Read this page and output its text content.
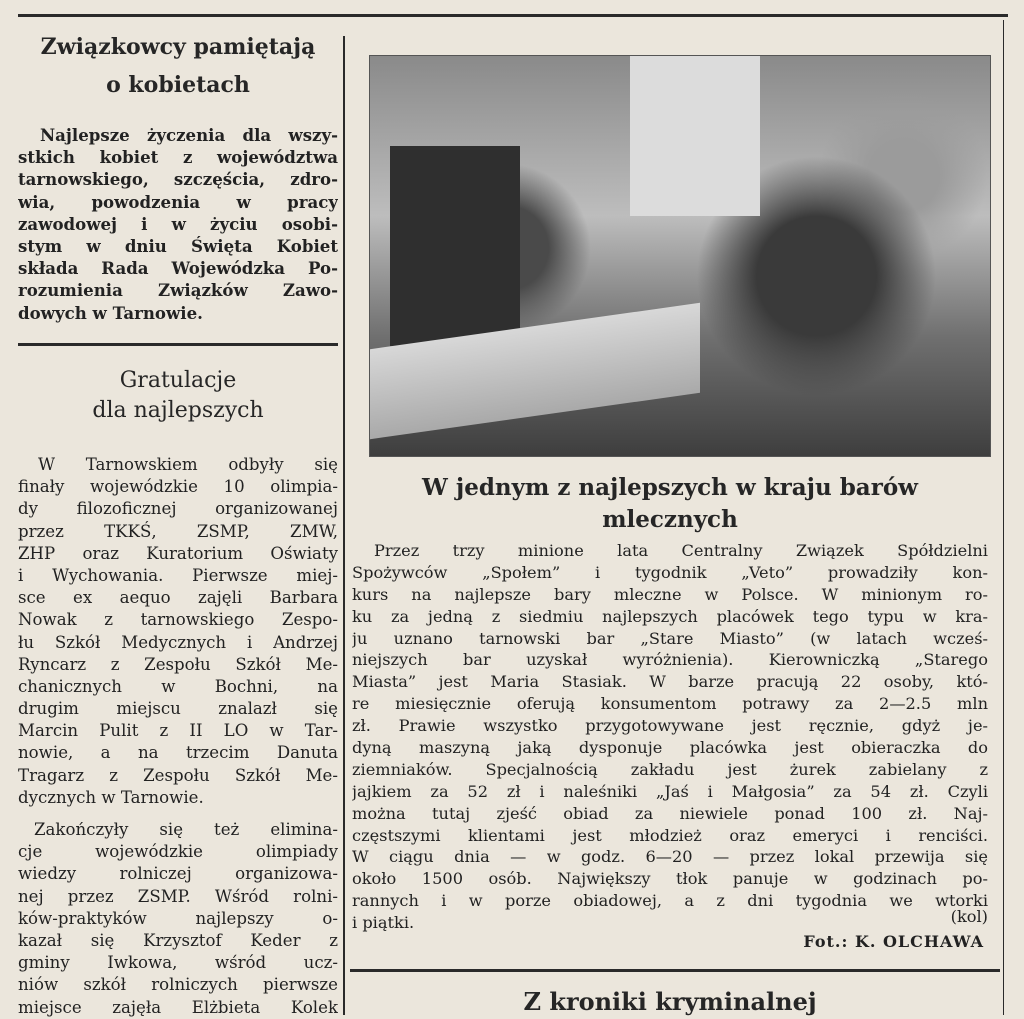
Związkowcy pamiętają
o kobietach
Najlepsze życzenia dla wszy-
stkich kobiet z województwa
tarnowskiego, szczęścia, zdro-
wia, powodzenia w pracy
zawodowej i w życiu osobi-
stym w dniu Święta Kobiet
składa Rada Wojewódzka Po-
rozumienia Związków Zawo-
dowych w Tarnowie.
Gratulacje
dla najlepszych
W Tarnowskiem odbyły się
finały wojewódzkie 10 olimpia-
dy filozoficznej organizowanej
przez TKKŚ, ZSMP, ZMW,
ZHP oraz Kuratorium Oświaty
i Wychowania. Pierwsze miej-
sce ex aequo zajęli Barbara
Nowak z tarnowskiego Zespo-
łu Szkół Medycznych i Andrzej
Ryncarz z Zespołu Szkół Me-
chanicznych w Bochni, na
drugim miejscu znalazł się
Marcin Pulit z II LO w Tar-
nowie, a na trzecim Danuta
Tragarz z Zespołu Szkół Me-
dycznych w Tarnowie.
Zakończyły się też elimina-
cje wojewódzkie olimpiady
wiedzy rolniczej organizowa-
nej przez ZSMP. Wśród rolni-
ków-praktyków najlepszy o-
kazał się Krzysztof Keder z
gminy Iwkowa, wśród ucz-
niów szkół rolniczych pierwsze
miejsce zajęła Elżbieta Kolek
W jednym z najlepszych w kraju barów
mlecznych
Przez trzy minione lata Centralny Związek Spółdzielni
Spożywców „Społem” i tygodnik „Veto” prowadziły kon-
kurs na najlepsze bary mleczne w Polsce. W minionym ro-
ku za jedną z siedmiu najlepszych placówek tego typu w kra-
ju uznano tarnowski bar „Stare Miasto” (w latach wcześ-
niejszych bar uzyskał wyróżnienia). Kierowniczką „Starego
Miasta” jest Maria Stasiak. W barze pracują 22 osoby, któ-
re miesięcznie oferują konsumentom potrawy za 2—2.5 mln
zł. Prawie wszystko przygotowywane jest ręcznie, gdyż je-
dyną maszyną jaką dysponuje placówka jest obieraczka do
ziemniaków. Specjalnością zakładu jest żurek zabielany z
jajkiem za 52 zł i naleśniki „Jaś i Małgosia” za 54 zł. Czyli
można tutaj zjeść obiad za niewiele ponad 100 zł. Naj-
częstszymi klientami jest młodzież oraz emeryci i renciści.
W ciągu dnia — w godz. 6—20 — przez lokal przewija się
około 1500 osób. Największy tłok panuje w godzinach po-
rannych i w porze obiadowej, a z dni tygodnia we wtorki
i piątki.	(kol)
Fot.: K. OLCHAWA
Z kroniki kryminalnej
